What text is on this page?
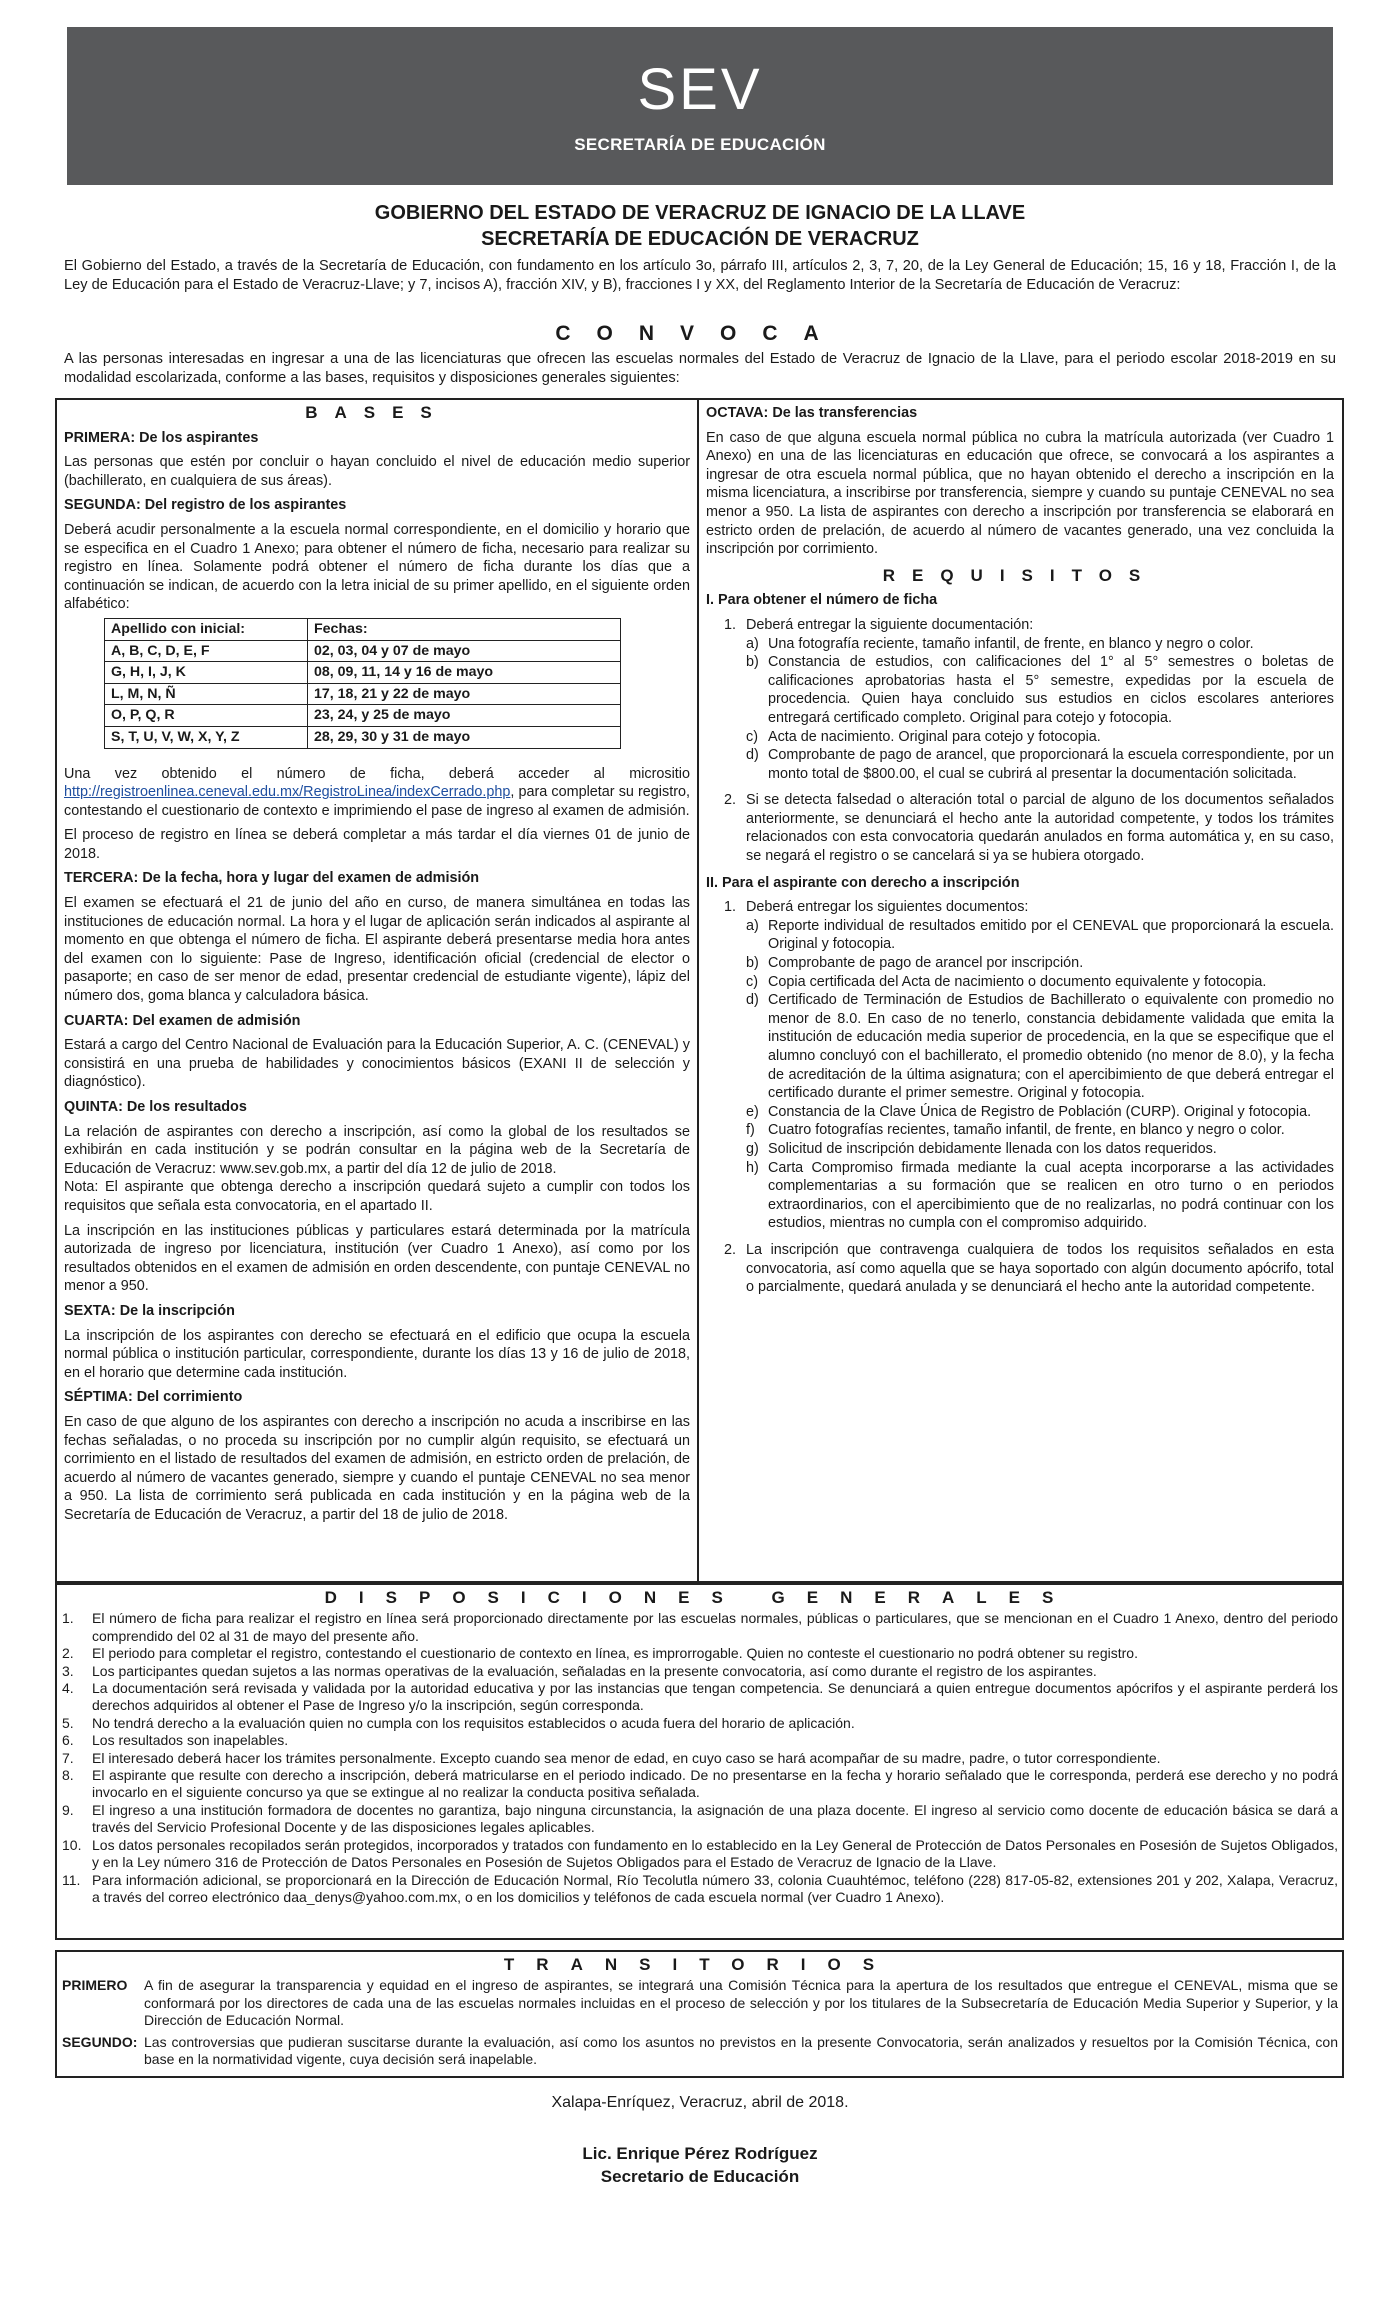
SEV
SECRETARÍA DE EDUCACIÓN
GOBIERNO DEL ESTADO DE VERACRUZ DE IGNACIO DE LA LLAVE
SECRETARÍA DE EDUCACIÓN DE VERACRUZ
El Gobierno del Estado, a través de la Secretaría de Educación, con fundamento en los artículo 3o, párrafo III, artículos 2, 3, 7, 20, de la Ley General de Educación; 15, 16 y 18, Fracción I, de la Ley de Educación para el Estado de Veracruz-Llave; y 7, incisos A), fracción XIV, y B), fracciones I y XX, del Reglamento Interior de la Secretaría de Educación de Veracruz:
CONVOCA
A las personas interesadas en ingresar a una de las licenciaturas que ofrecen las escuelas normales del Estado de Veracruz de Ignacio de la Llave, para el periodo escolar 2018-2019 en su modalidad escolarizada, conforme a las bases, requisitos y disposiciones generales siguientes:

BASES

PRIMERA: De los aspirantes

Las personas que estén por concluir o hayan concluido el nivel de educación medio superior (bachillerato, en cualquiera de sus áreas).

SEGUNDA: Del registro de los aspirantes

Deberá acudir personalmente a la escuela normal correspondiente, en el domicilio y horario que se especifica en el Cuadro 1 Anexo; para obtener el número de ficha, necesario para realizar su registro en línea. Solamente podrá obtener el número de ficha durante los días que a continuación se indican, de acuerdo con la letra inicial de su primer apellido, en el siguiente orden alfabético:

Apellido con inicial:	Fechas:
A, B, C, D, E, F	02, 03, 04 y 07 de mayo
G, H, I, J, K	08, 09, 11, 14 y 16 de mayo
L, M, N, Ñ	17, 18, 21 y 22 de mayo
O, P, Q, R	23, 24, y 25 de mayo
S, T, U, V, W, X, Y, Z	28, 29, 30 y 31 de mayo

Una vez obtenido el número de ficha, deberá acceder al micrositio http://registroenlinea.ceneval.edu.mx/RegistroLinea/indexCerrado.php, para completar su registro, contestando el cuestionario de contexto e imprimiendo el pase de ingreso al examen de admisión.

El proceso de registro en línea se deberá completar a más tardar el día viernes 01 de junio de 2018.

TERCERA: De la fecha, hora y lugar del examen de admisión

El examen se efectuará el 21 de junio del año en curso, de manera simultánea en todas las instituciones de educación normal. La hora y el lugar de aplicación serán indicados al aspirante al momento en que obtenga el número de ficha. El aspirante deberá presentarse media hora antes del examen con lo siguiente: Pase de Ingreso, identificación oficial (credencial de elector o pasaporte; en caso de ser menor de edad, presentar credencial de estudiante vigente), lápiz del número dos, goma blanca y calculadora básica.

CUARTA: Del examen de admisión

Estará a cargo del Centro Nacional de Evaluación para la Educación Superior, A. C. (CENEVAL) y consistirá en una prueba de habilidades y conocimientos básicos (EXANI II de selección y diagnóstico).

QUINTA: De los resultados

La relación de aspirantes con derecho a inscripción, así como la global de los resultados se exhibirán en cada institución y se podrán consultar en la página web de la Secretaría de Educación de Veracruz: www.sev.gob.mx, a partir del día 12 de julio de 2018.

Nota: El aspirante que obtenga derecho a inscripción quedará sujeto a cumplir con todos los requisitos que señala esta convocatoria, en el apartado II.

La inscripción en las instituciones públicas y particulares estará determinada por la matrícula autorizada de ingreso por licenciatura, institución (ver Cuadro 1 Anexo), así como por los resultados obtenidos en el examen de admisión en orden descendente, con puntaje CENEVAL no menor a 950.

SEXTA: De la inscripción

La inscripción de los aspirantes con derecho se efectuará en el edificio que ocupa la escuela normal pública o institución particular, correspondiente, durante los días 13 y 16 de julio de 2018, en el horario que determine cada institución.

SÉPTIMA: Del corrimiento

En caso de que alguno de los aspirantes con derecho a inscripción no acuda a inscribirse en las fechas señaladas, o no proceda su inscripción por no cumplir algún requisito, se efectuará un corrimiento en el listado de resultados del examen de admisión, en estricto orden de prelación, de acuerdo al número de vacantes generado, siempre y cuando el puntaje CENEVAL no sea menor a 950. La lista de corrimiento será publicada en cada institución y en la página web de la Secretaría de Educación de Veracruz, a partir del 18 de julio de 2018.

OCTAVA: De las transferencias

En caso de que alguna escuela normal pública no cubra la matrícula autorizada (ver Cuadro 1 Anexo) en una de las licenciaturas en educación que ofrece, se convocará a los aspirantes a ingresar de otra escuela normal pública, que no hayan obtenido el derecho a inscripción en la misma licenciatura, a inscribirse por transferencia, siempre y cuando su puntaje CENEVAL no sea menor a 950. La lista de aspirantes con derecho a inscripción por transferencia se elaborará en estricto orden de prelación, de acuerdo al número de vacantes generado, una vez concluida la inscripción por corrimiento.

REQUISITOS

I. Para obtener el número de ficha

1. Deberá entregar la siguiente documentación:
a) Una fotografía reciente, tamaño infantil, de frente, en blanco y negro o color.
b) Constancia de estudios, con calificaciones del 1° al 5° semestres o boletas de calificaciones aprobatorias hasta el 5° semestre, expedidas por la escuela de procedencia. Quien haya concluido sus estudios en ciclos escolares anteriores entregará certificado completo. Original para cotejo y fotocopia.
c) Acta de nacimiento. Original para cotejo y fotocopia.
d) Comprobante de pago de arancel, que proporcionará la escuela correspondiente, por un monto total de $800.00, el cual se cubrirá al presentar la documentación solicitada.
2. Si se detecta falsedad o alteración total o parcial de alguno de los documentos señalados anteriormente, se denunciará el hecho ante la autoridad competente, y todos los trámites relacionados con esta convocatoria quedarán anulados en forma automática y, en su caso, se negará el registro o se cancelará si ya se hubiera otorgado.

II. Para el aspirante con derecho a inscripción

1. Deberá entregar los siguientes documentos:
a) Reporte individual de resultados emitido por el CENEVAL que proporcionará la escuela. Original y fotocopia.
b) Comprobante de pago de arancel por inscripción.
c) Copia certificada del Acta de nacimiento o documento equivalente y fotocopia.
d) Certificado de Terminación de Estudios de Bachillerato o equivalente con promedio no menor de 8.0. En caso de no tenerlo, constancia debidamente validada que emita la institución de educación media superior de procedencia, en la que se especifique que el alumno concluyó con el bachillerato, el promedio obtenido (no menor de 8.0), y la fecha de acreditación de la última asignatura; con el apercibimiento de que deberá entregar el certificado durante el primer semestre. Original y fotocopia.
e) Constancia de la Clave Única de Registro de Población (CURP). Original y fotocopia.
f) Cuatro fotografías recientes, tamaño infantil, de frente, en blanco y negro o color.
g) Solicitud de inscripción debidamente llenada con los datos requeridos.
h) Carta Compromiso firmada mediante la cual acepta incorporarse a las actividades complementarias a su formación que se realicen en otro turno o en periodos extraordinarios, con el apercibimiento que de no realizarlas, no podrá continuar con los estudios, mientras no cumpla con el compromiso adquirido.
2. La inscripción que contravenga cualquiera de todos los requisitos señalados en esta convocatoria, así como aquella que se haya soportado con algún documento apócrifo, total o parcialmente, quedará anulada y se denunciará el hecho ante la autoridad competente.

DISPOSICIONES GENERALES

1.	El número de ficha para realizar el registro en línea será proporcionado directamente por las escuelas normales, públicas o particulares, que se mencionan en el Cuadro 1 Anexo, dentro del periodo comprendido del 02 al 31 de mayo del presente año.
2.	El periodo para completar el registro, contestando el cuestionario de contexto en línea, es improrrogable. Quien no conteste el cuestionario no podrá obtener su registro.
3.	Los participantes quedan sujetos a las normas operativas de la evaluación, señaladas en la presente convocatoria, así como durante el registro de los aspirantes.
4.	La documentación será revisada y validada por la autoridad educativa y por las instancias que tengan competencia. Se denunciará a quien entregue documentos apócrifos y el aspirante perderá los derechos adquiridos al obtener el Pase de Ingreso y/o la inscripción, según corresponda.
5.	No tendrá derecho a la evaluación quien no cumpla con los requisitos establecidos o acuda fuera del horario de aplicación.
6.	Los resultados son inapelables.
7.	El interesado deberá hacer los trámites personalmente. Excepto cuando sea menor de edad, en cuyo caso se hará acompañar de su madre, padre, o tutor correspondiente.
8.	El aspirante que resulte con derecho a inscripción, deberá matricularse en el periodo indicado. De no presentarse en la fecha y horario señalado que le corresponda, perderá ese derecho y no podrá invocarlo en el siguiente concurso ya que se extingue al no realizar la conducta positiva señalada.
9.	El ingreso a una institución formadora de docentes no garantiza, bajo ninguna circunstancia, la asignación de una plaza docente. El ingreso al servicio como docente de educación básica se dará a través del Servicio Profesional Docente y de las disposiciones legales aplicables.
10. Los datos personales recopilados serán protegidos, incorporados y tratados con fundamento en lo establecido en la Ley General de Protección de Datos Personales en Posesión de Sujetos Obligados, y en la Ley número 316 de Protección de Datos Personales en Posesión de Sujetos Obligados para el Estado de Veracruz de Ignacio de la Llave.
11. Para información adicional, se proporcionará en la Dirección de Educación Normal, Río Tecolutla número 33, colonia Cuauhtémoc, teléfono (228) 817-05-82, extensiones 201 y 202, Xalapa, Veracruz, a través del correo electrónico daa_denys@yahoo.com.mx, o en los domicilios y teléfonos de cada escuela normal (ver Cuadro 1 Anexo).

TRANSITORIOS

PRIMERO	A fin de asegurar la transparencia y equidad en el ingreso de aspirantes, se integrará una Comisión Técnica para la apertura de los resultados que entregue el CENEVAL, misma que se conformará por los directores de cada una de las escuelas normales incluidas en el proceso de selección y por los titulares de la Subsecretaría de Educación Media Superior y Superior, y la Dirección de Educación Normal.
SEGUNDO: Las controversias que pudieran suscitarse durante la evaluación, así como los asuntos no previstos en la presente Convocatoria, serán analizados y resueltos por la Comisión Técnica, con base en la normatividad vigente, cuya decisión será inapelable.
Xalapa-Enríquez, Veracruz, abril de 2018.
Lic. Enrique Pérez Rodríguez
Secretario de Educación
